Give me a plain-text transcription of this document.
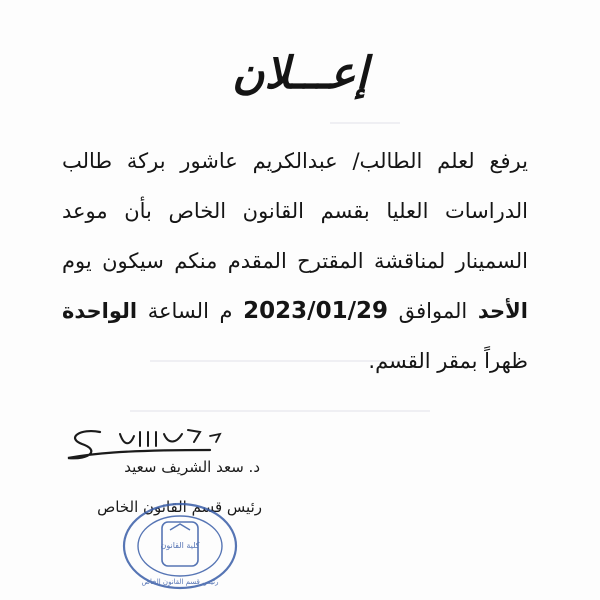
إعـــلان
يرفع لعلم الطالب/ عبدالكريم عاشور بركة طالب
الدراسات العليا بقسم القانون الخاص بأن موعد
السمينار لمناقشة المقترح المقدم منكم سيكون يوم
الأحد الموافق 2023/01/29 م الساعة الواحدة
ظهراً بمقر القسم.
د. سعد الشريف سعيد
رئيس قسم القانون الخاص
كلية القانون
رئيس قسم القانون الخاص
